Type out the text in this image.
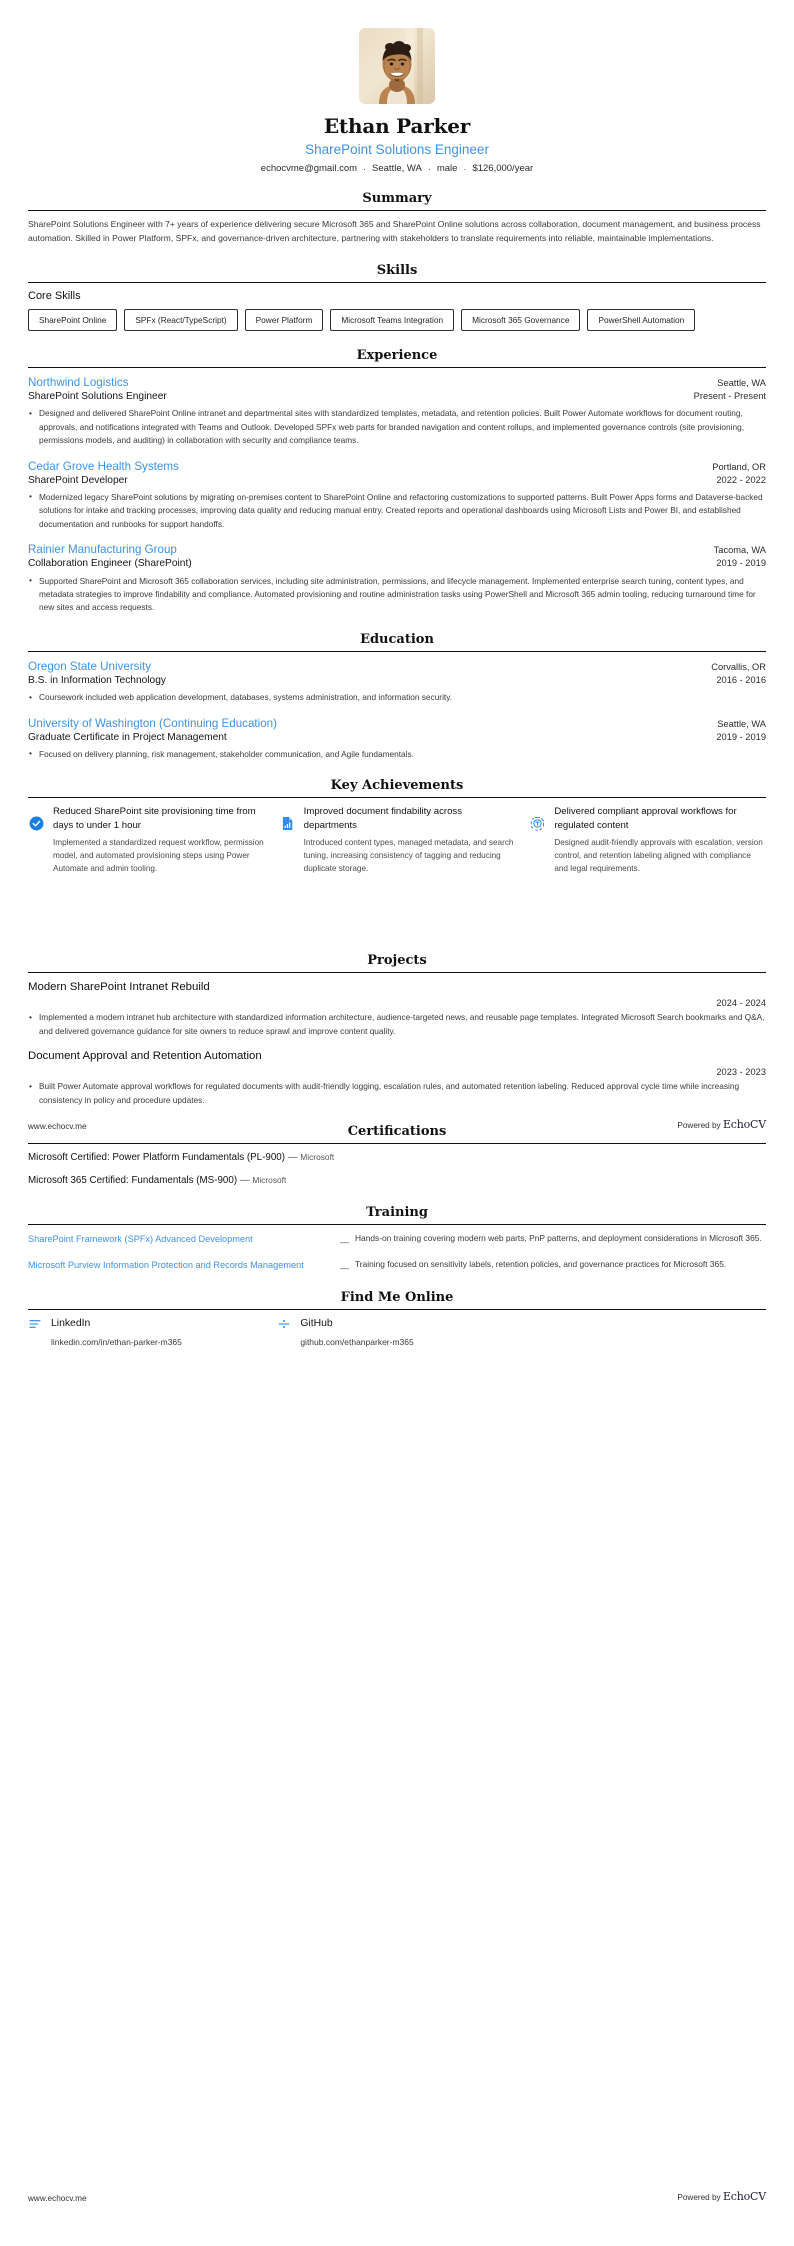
Ethan Parker
SharePoint Solutions Engineer
echocvme@gmail.com · Seattle, WA · male · $126,000/year
Summary
SharePoint Solutions Engineer with 7+ years of experience delivering secure Microsoft 365 and SharePoint Online solutions across collaboration, document management, and business process automation. Skilled in Power Platform, SPFx, and governance-driven architecture, partnering with stakeholders to translate requirements into reliable, maintainable implementations.
Skills
Core Skills
SharePoint Online	SPFx (React/TypeScript)	Power Platform	Microsoft Teams Integration	Microsoft 365 Governance	PowerShell Automation
Experience
Northwind Logistics	Seattle, WA
SharePoint Solutions Engineer	Present - Present
• Designed and delivered SharePoint Online intranet and departmental sites with standardized templates, metadata, and retention policies. Built Power Automate workflows for document routing, approvals, and notifications integrated with Teams and Outlook. Developed SPFx web parts for branded navigation and content rollups, and implemented governance controls (site provisioning, permissions models, and auditing) in collaboration with security and compliance teams.
Cedar Grove Health Systems	Portland, OR
SharePoint Developer	2022 - 2022
• Modernized legacy SharePoint solutions by migrating on-premises content to SharePoint Online and refactoring customizations to supported patterns. Built Power Apps forms and Dataverse-backed solutions for intake and tracking processes, improving data quality and reducing manual entry. Created reports and operational dashboards using Microsoft Lists and Power BI, and established documentation and runbooks for support handoffs.
Rainier Manufacturing Group	Tacoma, WA
Collaboration Engineer (SharePoint)	2019 - 2019
• Supported SharePoint and Microsoft 365 collaboration services, including site administration, permissions, and lifecycle management. Implemented enterprise search tuning, content types, and metadata strategies to improve findability and compliance. Automated provisioning and routine administration tasks using PowerShell and Microsoft 365 admin tooling, reducing turnaround time for new sites and access requests.
Education
Oregon State University	Corvallis, OR
B.S. in Information Technology	2016 - 2016
• Coursework included web application development, databases, systems administration, and information security.
University of Washington (Continuing Education)	Seattle, WA
Graduate Certificate in Project Management	2019 - 2019
• Focused on delivery planning, risk management, stakeholder communication, and Agile fundamentals.
Key Achievements
Reduced SharePoint site provisioning time from days to under 1 hour
Implemented a standardized request workflow, permission model, and automated provisioning steps using Power Automate and admin tooling.
Improved document findability across departments
Introduced content types, managed metadata, and search tuning, increasing consistency of tagging and reducing duplicate storage.
Delivered compliant approval workflows for regulated content
Designed audit-friendly approvals with escalation, version control, and retention labeling aligned with compliance and legal requirements.
www.echocv.me	Powered by EchoCV
Projects
Modern SharePoint Intranet Rebuild
2024 - 2024
• Implemented a modern intranet hub architecture with standardized information architecture, audience-targeted news, and reusable page templates. Integrated Microsoft Search bookmarks and Q&A, and delivered governance guidance for site owners to reduce sprawl and improve content quality.
Document Approval and Retention Automation
2023 - 2023
• Built Power Automate approval workflows for regulated documents with audit-friendly logging, escalation rules, and automated retention labeling. Reduced approval cycle time while increasing consistency in policy and procedure updates.
Certifications
Microsoft Certified: Power Platform Fundamentals (PL-900) — Microsoft
Microsoft 365 Certified: Fundamentals (MS-900) — Microsoft
Training
SharePoint Framework (SPFx) Advanced Development	— Hands-on training covering modern web parts, PnP patterns, and deployment considerations in Microsoft 365.
Microsoft Purview Information Protection and Records Management	— Training focused on sensitivity labels, retention policies, and governance practices for Microsoft 365.
Find Me Online
LinkedIn
linkedin.com/in/ethan-parker-m365
GitHub
github.com/ethanparker-m365
www.echocv.me	Powered by EchoCV
